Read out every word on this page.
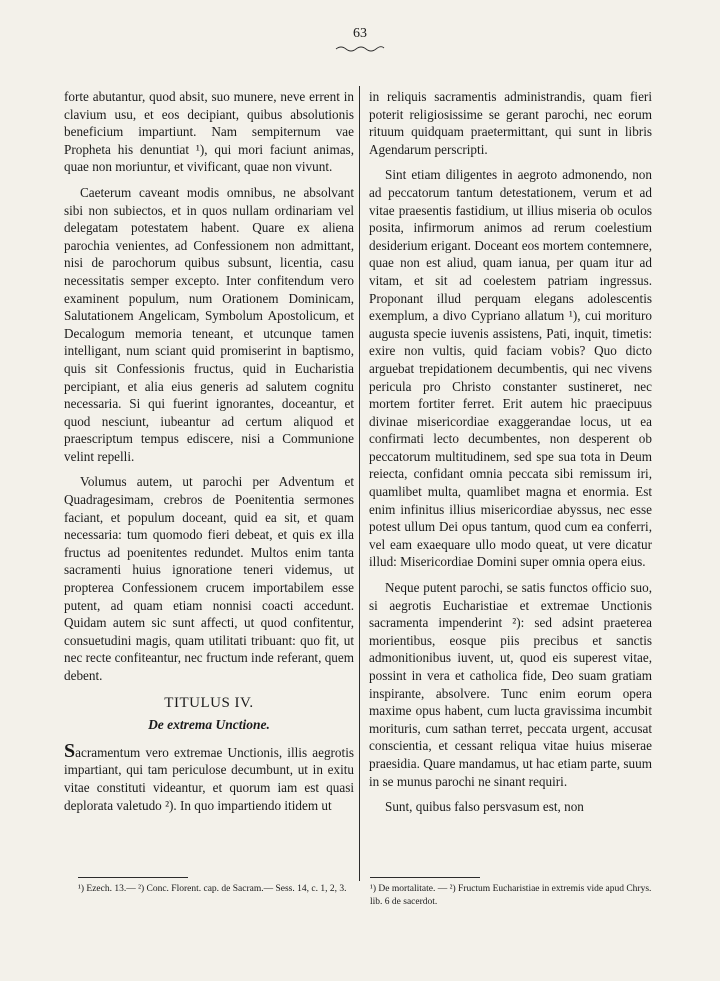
63

forte abutantur, quod absit, suo munere, neve errent in clavium usu, et eos decipiant, quibus absolutionis beneficium impartiunt. Nam sempiternum vae Propheta his denuntiat ¹), qui mori faciunt animas, quae non moriuntur, et vivificant, quae non vivunt.

Caeterum caveant modis omnibus, ne absolvant sibi non subiectos, et in quos nullam ordinariam vel delegatam potestatem habent. Quare ex aliena parochia venientes, ad Confessionem non admittant, nisi de parochorum quibus subsunt, licentia, casu necessitatis semper excepto. Inter confitendum vero examinent populum, num Orationem Dominicam, Salutationem Angelicam, Symbolum Apostolicum, et Decalogum memoria teneant, et utcunque tamen intelligant, num sciant quid promiserint in baptismo, quis sit Confessionis fructus, quid in Eucharistia percipiant, et alia eius generis ad salutem cognitu necessaria. Si qui fuerint ignorantes, doceantur, et quod nesciunt, iubeantur ad certum aliquod et praescriptum tempus ediscere, nisi a Communione velint repelli.

Volumus autem, ut parochi per Adventum et Quadragesimam, crebros de Poenitentia sermones faciant, et populum doceant, quid ea sit, et quam necessaria: tum quomodo fieri debeat, et quis ex illa fructus ad poenitentes redundet. Multos enim tanta sacramenti huius ignoratione teneri videmus, ut propterea Confessionem crucem importabilem esse putent, ad quam etiam nonnisi coacti accedunt. Quidam autem sic sunt affecti, ut quod confitentur, consuetudini magis, quam utilitati tribuant: quo fit, ut nec recte confiteantur, nec fructum inde referant, quem debent.

TITULUS IV.
De extrema Unctione.

Sacramentum vero extremae Unctionis, illis aegrotis impartiant, qui tam periculose decumbunt, ut in exitu vitae constituti videantur, et quorum iam est quasi deplorata valetudo ²). In quo impartiendo itidem ut

in reliquis sacramentis administrandis, quam fieri poterit religiosissime se gerant parochi, nec eorum rituum quidquam praetermittant, qui sunt in libris Agendarum perscripti.

Sint etiam diligentes in aegroto admonendo, non ad peccatorum tantum detestationem, verum et ad vitae praesentis fastidium, ut illius miseria ob oculos posita, infirmorum animos ad rerum coelestium desiderium erigant. Doceant eos mortem contemnere, quae non est aliud, quam ianua, per quam itur ad vitam, et sit ad coelestem patriam ingressus. Proponant illud perquam elegans adolescentis exemplum, a divo Cypriano allatum ¹), cui morituro augusta specie iuvenis assistens, Pati, inquit, timetis: exire non vultis, quid faciam vobis? Quo dicto arguebat trepidationem decumbentis, qui nec vivens pericula pro Christo constanter sustineret, nec mortem fortiter ferret. Erit autem hic praecipuus divinae misericordiae exaggerandae locus, ut ea confirmati lecto decumbentes, non desperent ob peccatorum multitudinem, sed spe sua tota in Deum reiecta, confidant omnia peccata sibi remissum iri, quamlibet multa, quamlibet magna et enormia. Est enim infinitus illius misericordiae abyssus, nec esse potest ullum Dei opus tantum, quod cum ea conferri, vel eam exaequare ullo modo queat, ut vere dicatur illud: Misericordiae Domini super omnia opera eius.

Neque putent parochi, se satis functos officio suo, si aegrotis Eucharistiae et extremae Unctionis sacramenta impenderint ²): sed adsint praeterea morientibus, eosque piis precibus et sanctis admonitionibus iuvent, ut, quod eis superest vitae, possint in vera et catholica fide, Deo suam gratiam inspirante, absolvere. Tunc enim eorum opera maxime opus habent, cum lucta gravissima incumbit morituris, cum sathan terret, peccata urgent, accusat conscientia, et cessant reliqua vitae huius miserae praesidia. Quare mandamus, ut hac etiam parte, suum in se munus parochi ne sinant requiri.

Sunt, quibus falso persvasum est, non

¹) Ezech. 13.— ²) Conc. Florent. cap. de Sacram.— Sess. 14, c. 1, 2, 3.	¹) De mortalitate. — ²) Fructum Eucharistiae in extremis vide apud Chrys. lib. 6 de sacerdot.
